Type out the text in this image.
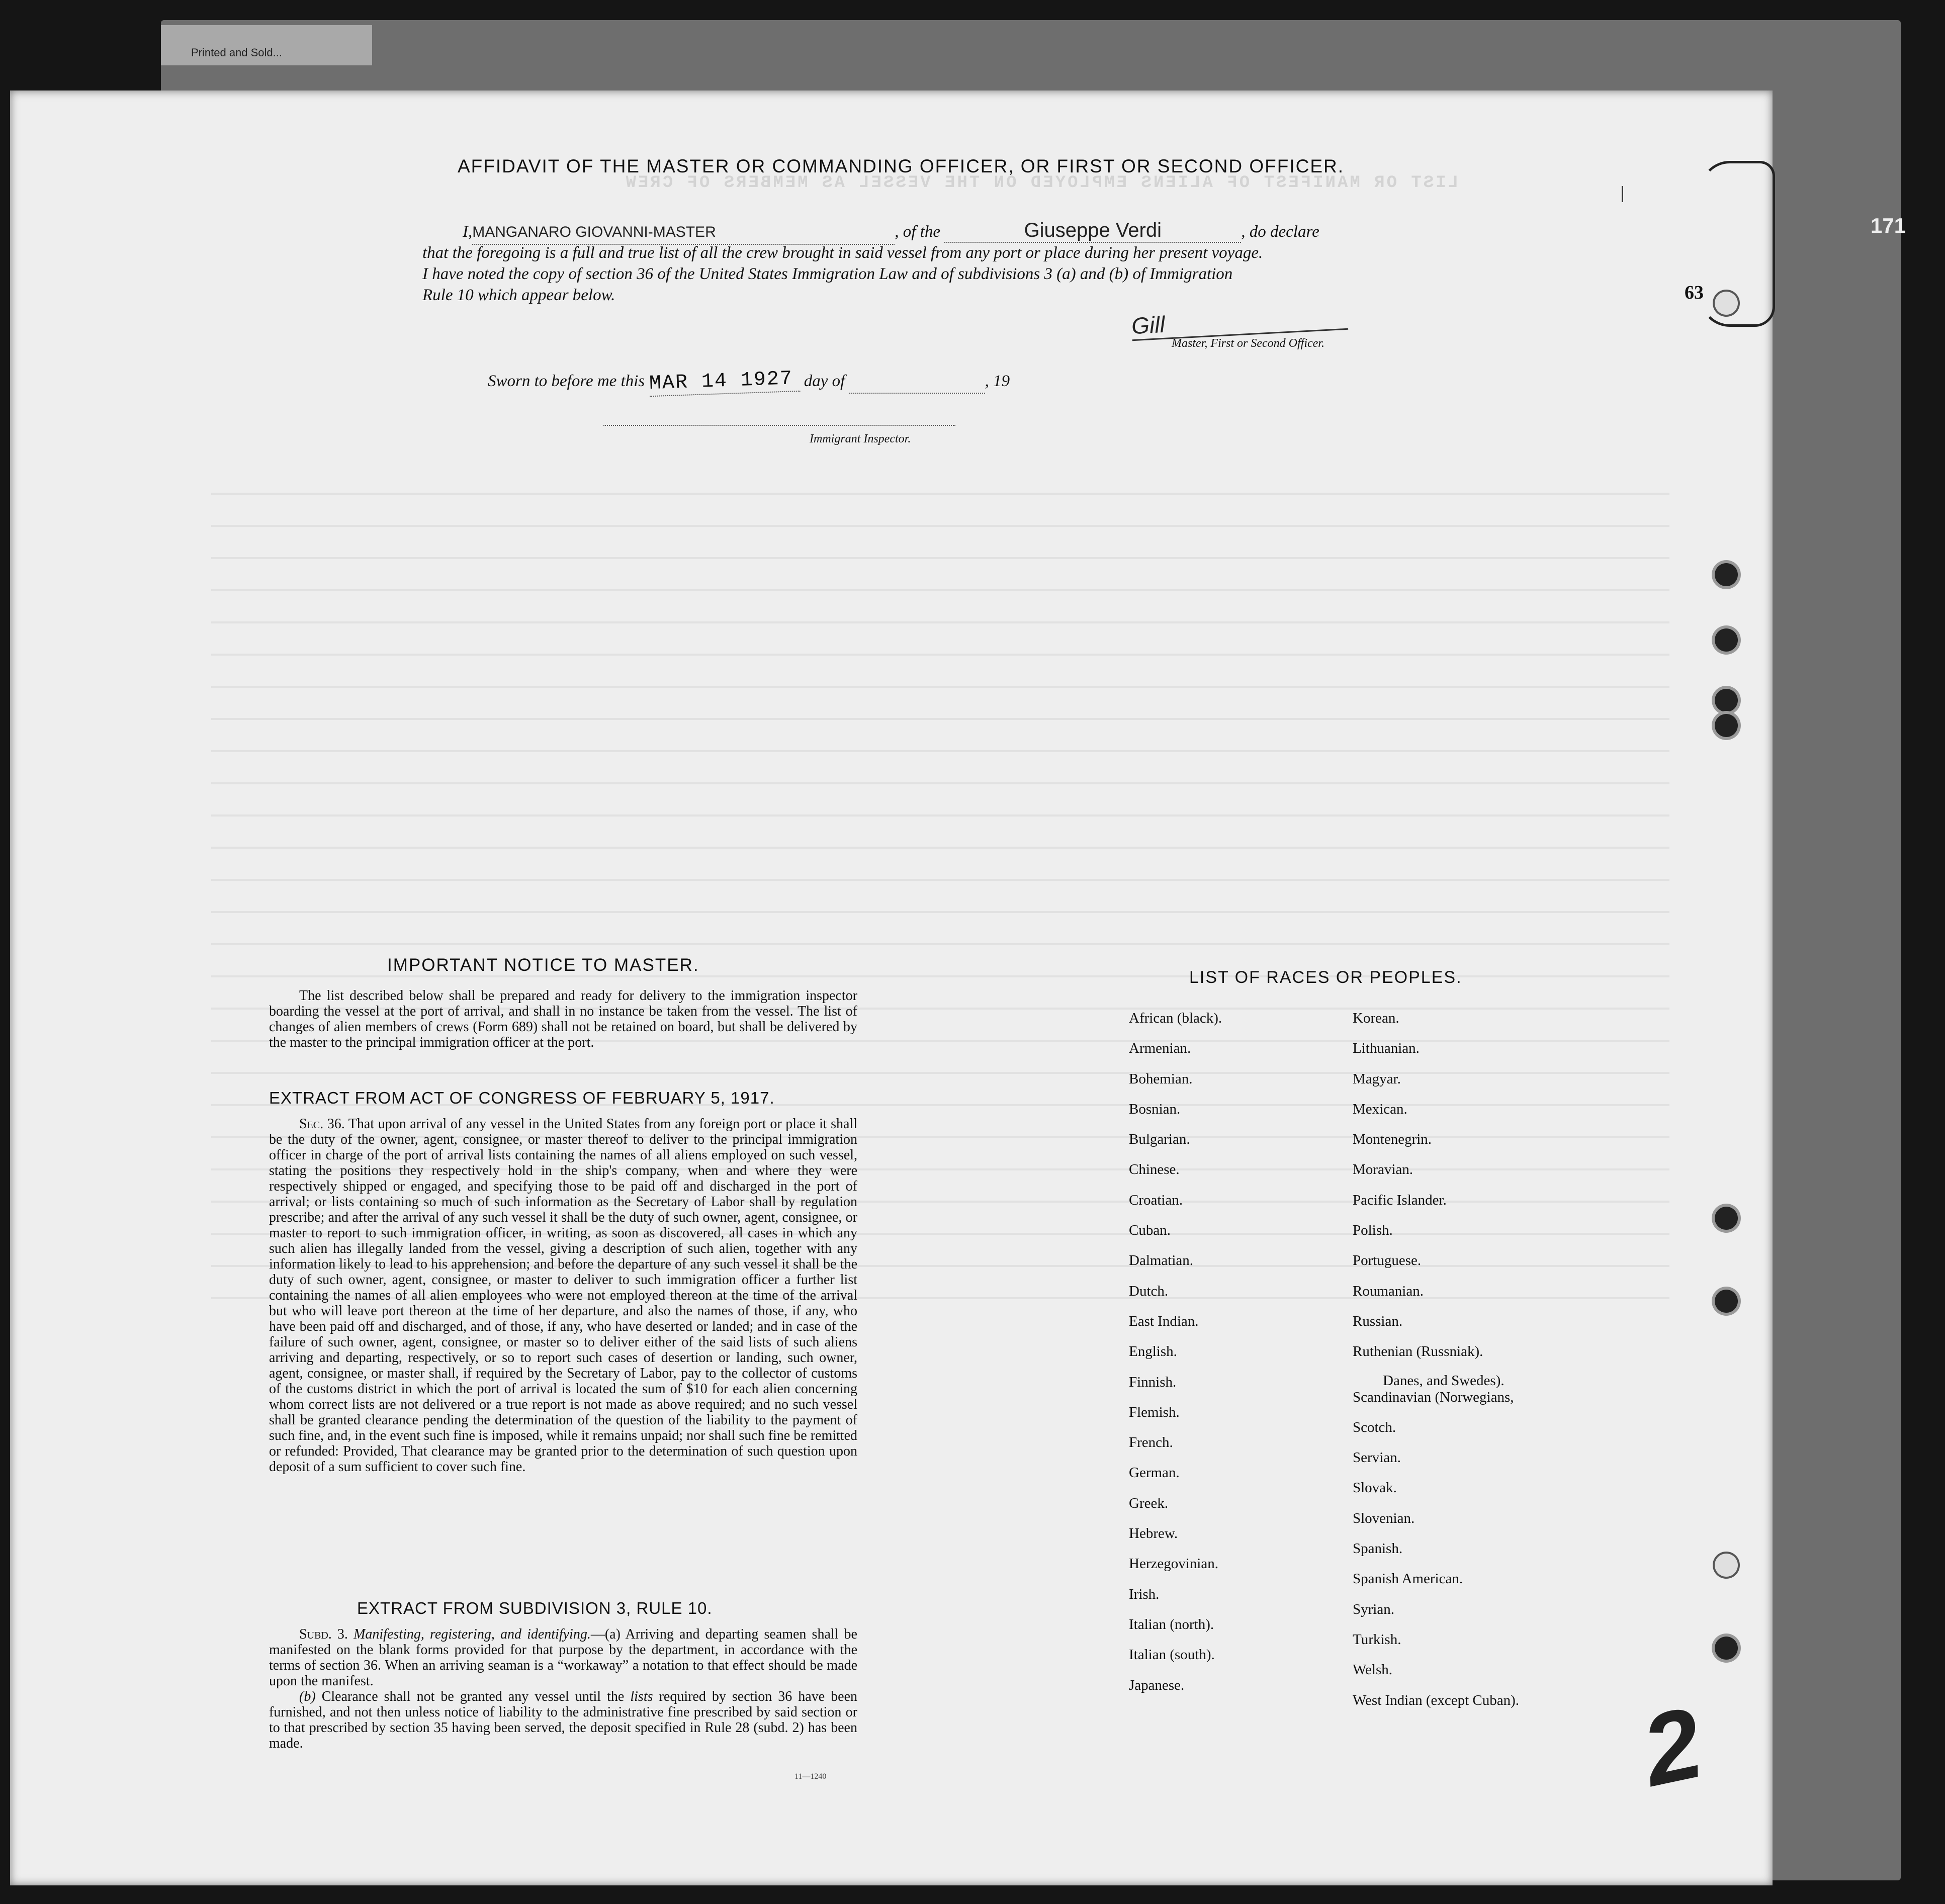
Printed and Sold...
171
LIST OR MANIFEST OF ALIENS EMPLOYED ON THE VESSEL AS MEMBERS OF CREW
AFFIDAVIT OF THE MASTER OR COMMANDING OFFICER, OR FIRST OR SECOND OFFICER.
I,MANGANARO GIOVANNI-MASTER	, of the	Giuseppe Verdi	, do declare
that the foregoing is a full and true list of all the crew brought in said vessel from any port or place during her present voyage.
I have noted the copy of section 36 of the United States Immigration Law and of subdivisions 3 (a) and (b) of Immigration
Rule 10 which appear below.
Gill
Master, First or Second Officer.
Sworn to before me this MAR 14 1927 day of	, 19
Immigrant Inspector.
IMPORTANT NOTICE TO MASTER.

The list described below shall be prepared and ready for delivery to the immigration inspector boarding the vessel at the port of arrival, and shall in no instance be taken from the vessel. The list of changes of alien members of crews (Form 689) shall not be retained on board, but shall be delivered by the master to the principal immigration officer at the port.

EXTRACT FROM ACT OF CONGRESS OF FEBRUARY 5, 1917.

Sec. 36. That upon arrival of any vessel in the United States from any foreign port or place it shall be the duty of the owner, agent, consignee, or master thereof to deliver to the principal immigration officer in charge of the port of arrival lists containing the names of all aliens employed on such vessel, stating the positions they respectively hold in the ship's company, when and where they were respectively shipped or engaged, and specifying those to be paid off and discharged in the port of arrival; or lists containing so much of such information as the Secretary of Labor shall by regulation prescribe; and after the arrival of any such vessel it shall be the duty of such owner, agent, consignee, or master to report to such immigration officer, in writing, as soon as discovered, all cases in which any such alien has illegally landed from the vessel, giving a description of such alien, together with any information likely to lead to his apprehension; and before the departure of any such vessel it shall be the duty of such owner, agent, consignee, or master to deliver to such immigration officer a further list containing the names of all alien employees who were not employed thereon at the time of the arrival but who will leave port thereon at the time of her departure, and also the names of those, if any, who have been paid off and discharged, and of those, if any, who have deserted or landed; and in case of the failure of such owner, agent, consignee, or master so to deliver either of the said lists of such aliens arriving and departing, respectively, or so to report such cases of desertion or landing, such owner, agent, consignee, or master shall, if required by the Secretary of Labor, pay to the collector of customs of the customs district in which the port of arrival is located the sum of $10 for each alien concerning whom correct lists are not delivered or a true report is not made as above required; and no such vessel shall be granted clearance pending the determination of the question of the liability to the payment of such fine, and, in the event such fine is imposed, while it remains unpaid; nor shall such fine be remitted or refunded: Provided, That clearance may be granted prior to the determination of such question upon deposit of a sum sufficient to cover such fine.

EXTRACT FROM SUBDIVISION 3, RULE 10.

Subd. 3. Manifesting, registering, and identifying.—(a) Arriving and departing seamen shall be manifested on the blank forms provided for that purpose by the department, in accordance with the terms of section 36. When an arriving seaman is a “workaway” a notation to that effect should be made upon the manifest.

(b) Clearance shall not be granted any vessel until the lists required by section 36 have been furnished, and not then unless notice of liability to the administrative fine prescribed by said section or to that prescribed by section 35 having been served, the deposit specified in Rule 28 (subd. 2) has been made.

11—1240
LIST OF RACES OR PEOPLES.
African (black).
Armenian.
Bohemian.
Bosnian.
Bulgarian.
Chinese.
Croatian.
Cuban.
Dalmatian.
Dutch.
East Indian.
English.
Finnish.
Flemish.
French.
German.
Greek.
Hebrew.
Herzegovinian.
Irish.
Italian (north).
Italian (south).
Japanese.
Korean.
Lithuanian.
Magyar.
Mexican.
Montenegrin.
Moravian.
Pacific Islander.
Polish.
Portuguese.
Roumanian.
Russian.
Ruthenian (Russniak).
Scandinavian (Norwegians,
Scotch.
Servian.
Slovak.
Slovenian.
Spanish.
Spanish American.
Syrian.
Turkish.
Welsh.
West Indian (except Cuban).
Danes, and Swedes).
63
2
